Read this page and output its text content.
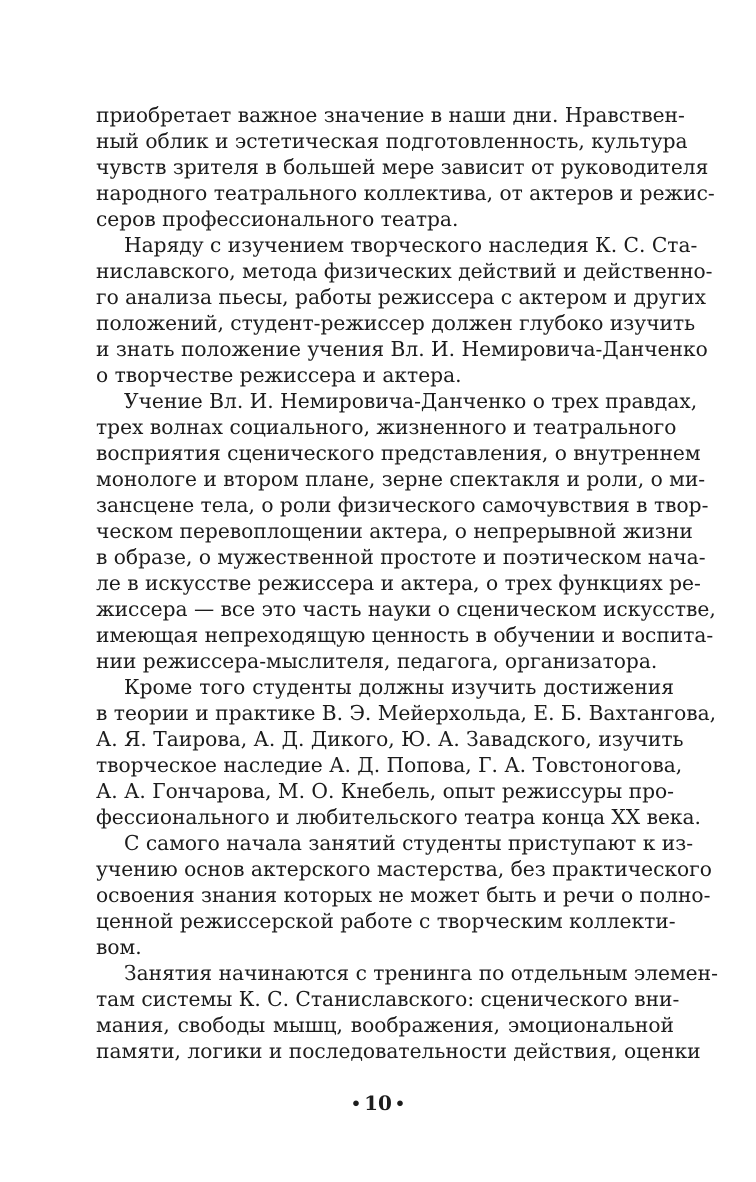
приобретает важное значение в наши дни. Нравствен-
ный облик и эстетическая подготовленность, культура
чувств зрителя в большей мере зависит от руководителя
народного театрального коллектива, от актеров и режис-
серов профессионального театра.
Наряду с изучением творческого наследия К. С. Ста-
ниславского, метода физических действий и действенно-
го анализа пьесы, работы режиссера с актером и других
положений, студент-режиссер должен глубоко изучить
и знать положение учения Вл. И. Немировича-Данченко
о творчестве режиссера и актера.
Учение Вл. И. Немировича-Данченко о трех правдах,
трех волнах социального, жизненного и театрального
восприятия сценического представления, о внутреннем
монологе и втором плане, зерне спектакля и роли, о ми-
зансцене тела, о роли физического самочувствия в твор-
ческом перевоплощении актера, о непрерывной жизни
в образе, о мужественной простоте и поэтическом нача-
ле в искусстве режиссера и актера, о трех функциях ре-
жиссера — все это часть науки о сценическом искусстве,
имеющая непреходящую ценность в обучении и воспита-
нии режиссера-мыслителя, педагога, организатора.
Кроме того студенты должны изучить достижения
в теории и практике В. Э. Мейерхольда, Е. Б. Вахтангова,
А. Я. Таирова, А. Д. Дикого, Ю. А. Завадского, изучить
творческое наследие А. Д. Попова, Г. А. Товстоногова,
А. А. Гончарова, М. О. Кнебель, опыт режиссуры про-
фессионального и любительского театра конца XX века.
С самого начала занятий студенты приступают к из-
учению основ актерского мастерства, без практического
освоения знания которых не может быть и речи о полно-
ценной режиссерской работе с творческим коллекти-
вом.
Занятия начинаются с тренинга по отдельным элемен-
там системы К. С. Станиславского: сценического вни-
мания, свободы мышц, воображения, эмоциональной
памяти, логики и последовательности действия, оценки
• 10 •
